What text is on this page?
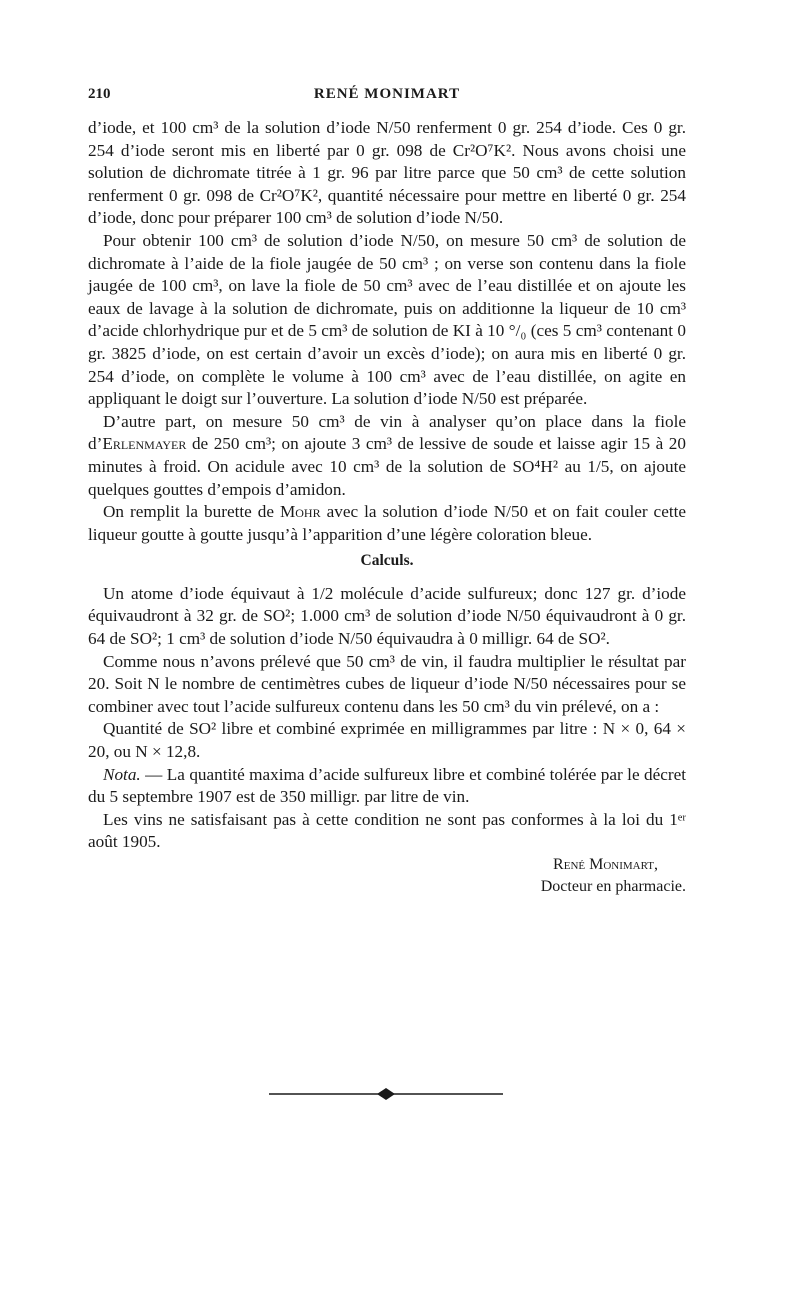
210	RENÉ MONIMART

d’iode, et 100 cm³ de la solution d’iode N/50 renferment 0 gr. 254 d’iode. Ces 0 gr. 254 d’iode seront mis en liberté par 0 gr. 098 de Cr²O⁷K². Nous avons choisi une solution de dichromate titrée à 1 gr. 96 par litre parce que 50 cm³ de cette solution renferment 0 gr. 098 de Cr²O⁷K², quantité nécessaire pour mettre en liberté 0 gr. 254 d’iode, donc pour préparer 100 cm³ de solution d’iode N/50.

Pour obtenir 100 cm³ de solution d’iode N/50, on mesure 50 cm³ de solution de dichromate à l’aide de la fiole jaugée de 50 cm³ ; on verse son contenu dans la fiole jaugée de 100 cm³, on lave la fiole de 50 cm³ avec de l’eau distillée et on ajoute les eaux de lavage à la solution de dichromate, puis on additionne la liqueur de 10 cm³ d’acide chlorhydrique pur et de 5 cm³ de solution de KI à 10 °/₀ (ces 5 cm³ contenant 0 gr. 3825 d’iode, on est certain d’avoir un excès d’iode); on aura mis en liberté 0 gr. 254 d’iode, on complète le volume à 100 cm³ avec de l’eau distillée, on agite en appliquant le doigt sur l’ouverture. La solution d’iode N/50 est préparée.

D’autre part, on mesure 50 cm³ de vin à analyser qu’on place dans la fiole d’Erlenmayer de 250 cm³; on ajoute 3 cm³ de lessive de soude et laisse agir 15 à 20 minutes à froid. On acidule avec 10 cm³ de la solution de SO⁴H² au 1/5, on ajoute quelques gouttes d’empois d’amidon.

On remplit la burette de Mohr avec la solution d’iode N/50 et on fait couler cette liqueur goutte à goutte jusqu’à l’apparition d’une légère coloration bleue.

Calculs.

Un atome d’iode équivaut à 1/2 molécule d’acide sulfureux; donc 127 gr. d’iode équivaudront à 32 gr. de SO²; 1.000 cm³ de solution d’iode N/50 équivaudront à 0 gr. 64 de SO²; 1 cm³ de solution d’iode N/50 équivaudra à 0 milligr. 64 de SO².

Comme nous n’avons prélevé que 50 cm³ de vin, il faudra multiplier le résultat par 20. Soit N le nombre de centimètres cubes de liqueur d’iode N/50 nécessaires pour se combiner avec tout l’acide sulfureux contenu dans les 50 cm³ du vin prélevé, on a :

Quantité de SO² libre et combiné exprimée en milligrammes par litre : N × 0, 64 × 20, ou N × 12,8.

Nota. — La quantité maxima d’acide sulfureux libre et combiné tolérée par le décret du 5 septembre 1907 est de 350 milligr. par litre de vin.

Les vins ne satisfaisant pas à cette condition ne sont pas conformes à la loi du 1ᵉʳ août 1905.

René Monimart,
Docteur en pharmacie.
